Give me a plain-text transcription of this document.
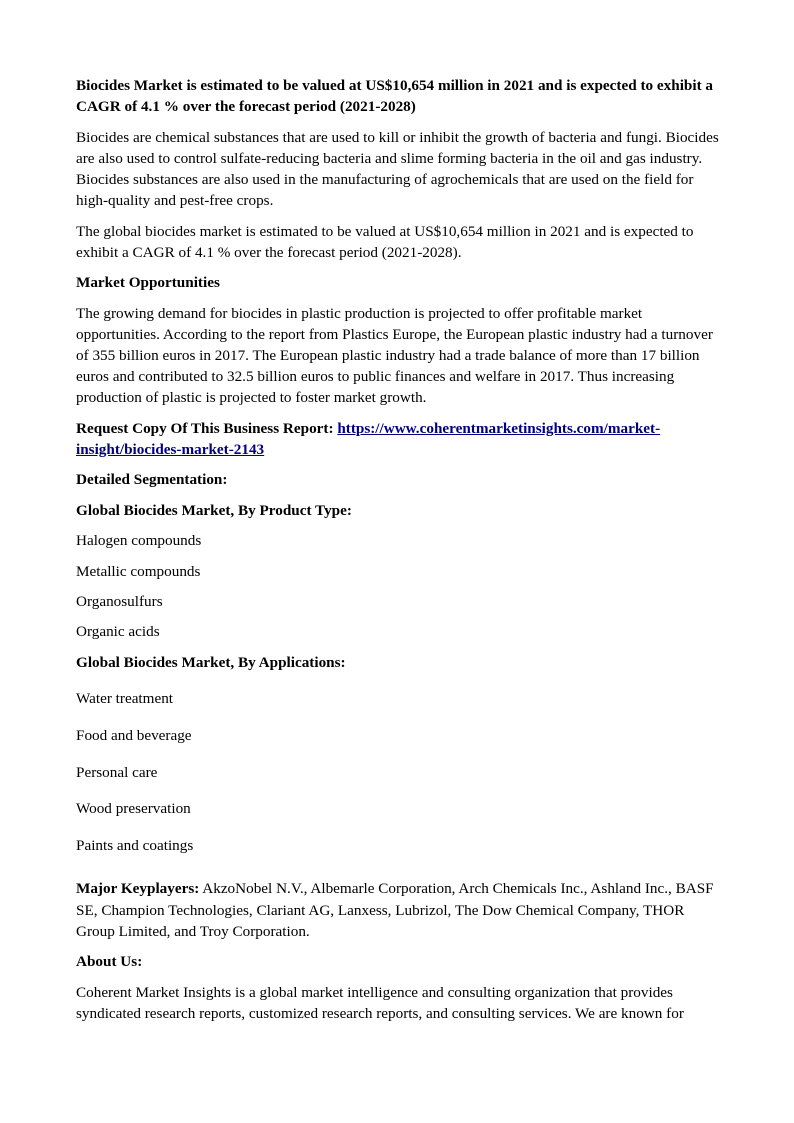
Biocides Market is estimated to be valued at US$10,654 million in 2021 and is expected to exhibit a CAGR of 4.1 % over the forecast period (2021-2028)

Biocides are chemical substances that are used to kill or inhibit the growth of bacteria and fungi. Biocides are also used to control sulfate-reducing bacteria and slime forming bacteria in the oil and gas industry. Biocides substances are also used in the manufacturing of agrochemicals that are used on the field for high-quality and pest-free crops.

The global biocides market is estimated to be valued at US$10,654 million in 2021 and is expected to exhibit a CAGR of 4.1 % over the forecast period (2021-2028).

Market Opportunities

The growing demand for biocides in plastic production is projected to offer profitable market opportunities. According to the report from Plastics Europe, the European plastic industry had a turnover of 355 billion euros in 2017. The European plastic industry had a trade balance of more than 17 billion euros and contributed to 32.5 billion euros to public finances and welfare in 2017. Thus increasing production of plastic is projected to foster market growth.

Request Copy Of This Business Report: https://www.coherentmarketinsights.com/market-insight/biocides-market-2143

Detailed Segmentation:

Global Biocides Market, By Product Type:

Halogen compounds

Metallic compounds

Organosulfurs

Organic acids

Global Biocides Market, By Applications:

Water treatment

Food and beverage

Personal care

Wood preservation

Paints and coatings

Major Keyplayers: AkzoNobel N.V., Albemarle Corporation, Arch Chemicals Inc., Ashland Inc., BASF SE, Champion Technologies, Clariant AG, Lanxess, Lubrizol, The Dow Chemical Company, THOR Group Limited, and Troy Corporation.

About Us:

Coherent Market Insights is a global market intelligence and consulting organization that provides syndicated research reports, customized research reports, and consulting services. We are known for
